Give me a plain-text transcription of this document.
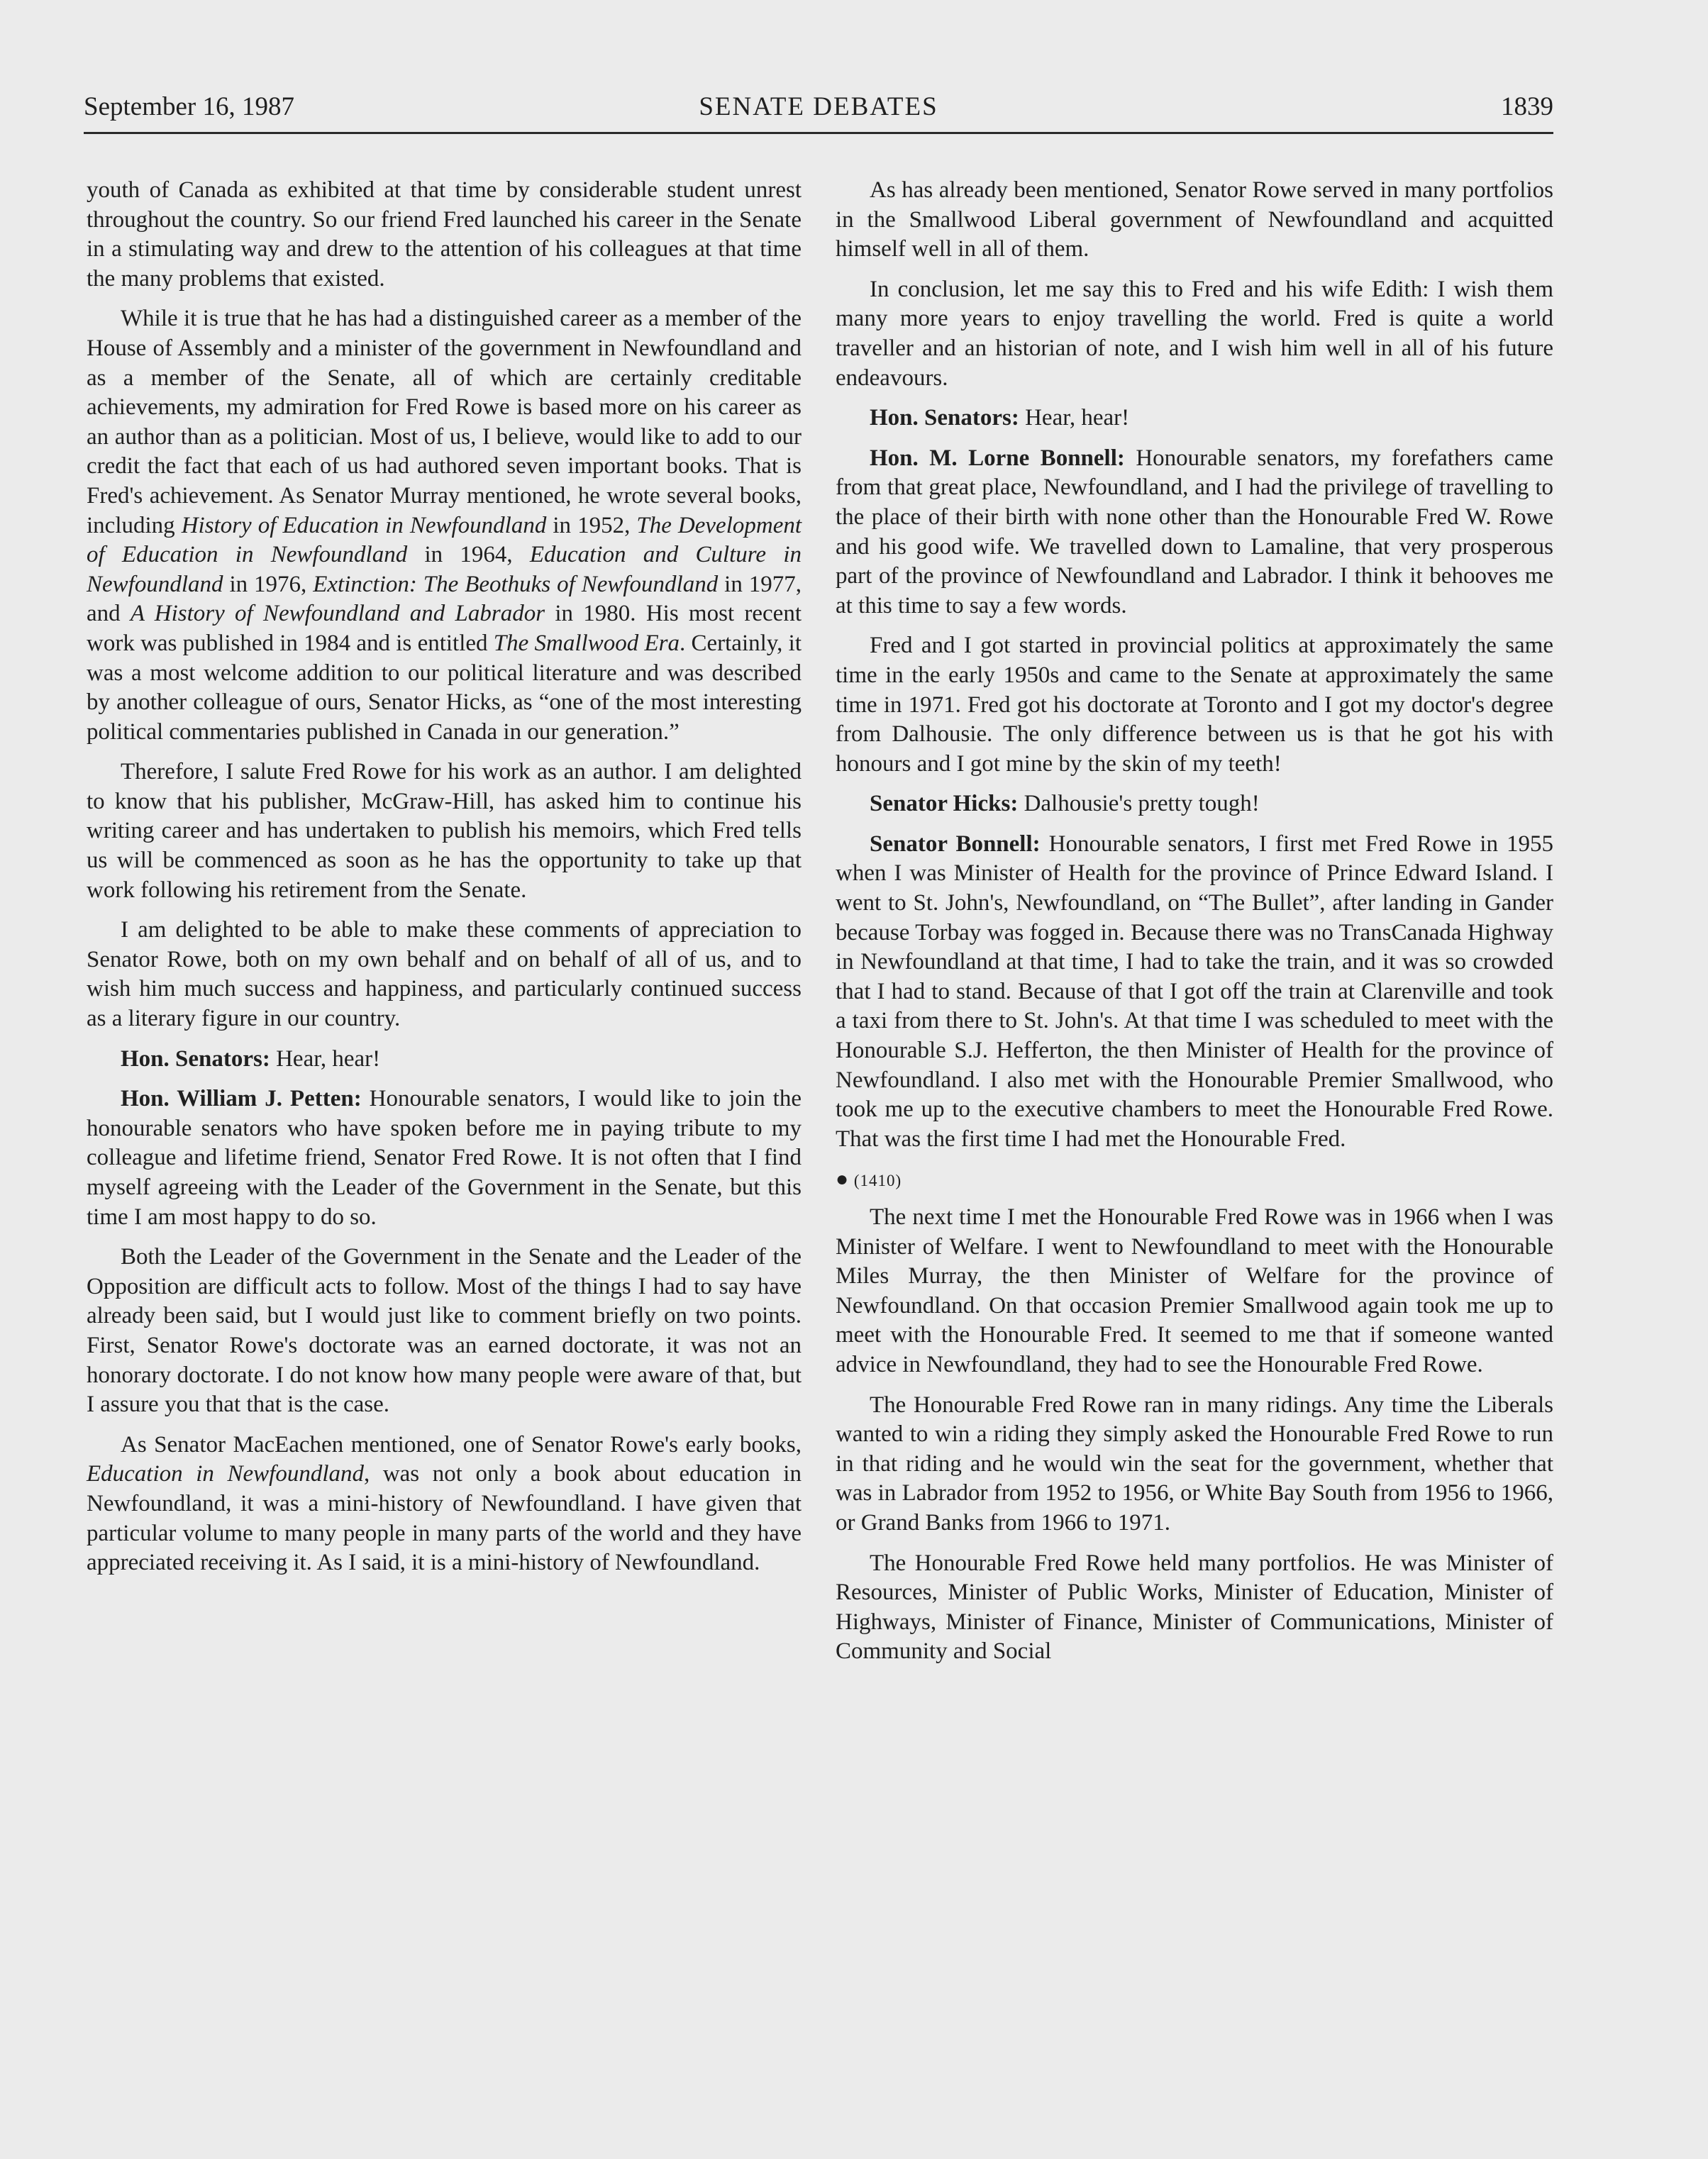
September 16, 1987	SENATE DEBATES	1839

youth of Canada as exhibited at that time by considerable student unrest throughout the country. So our friend Fred launched his career in the Senate in a stimulating way and drew to the attention of his colleagues at that time the many problems that existed.

While it is true that he has had a distinguished career as a member of the House of Assembly and a minister of the government in Newfoundland and as a member of the Senate, all of which are certainly creditable achievements, my admiration for Fred Rowe is based more on his career as an author than as a politician. Most of us, I believe, would like to add to our credit the fact that each of us had authored seven important books. That is Fred's achievement. As Senator Murray mentioned, he wrote several books, including History of Education in Newfoundland in 1952, The Development of Education in Newfoundland in 1964, Education and Culture in Newfoundland in 1976, Extinction: The Beothuks of Newfoundland in 1977, and A History of Newfoundland and Labrador in 1980. His most recent work was published in 1984 and is entitled The Smallwood Era. Certainly, it was a most welcome addition to our political literature and was described by another colleague of ours, Senator Hicks, as “one of the most interesting political commentaries published in Canada in our generation.”

Therefore, I salute Fred Rowe for his work as an author. I am delighted to know that his publisher, McGraw-Hill, has asked him to continue his writing career and has undertaken to publish his memoirs, which Fred tells us will be commenced as soon as he has the opportunity to take up that work following his retirement from the Senate.

I am delighted to be able to make these comments of appreciation to Senator Rowe, both on my own behalf and on behalf of all of us, and to wish him much success and happiness, and particularly continued success as a literary figure in our country.

Hon. Senators: Hear, hear!

Hon. William J. Petten: Honourable senators, I would like to join the honourable senators who have spoken before me in paying tribute to my colleague and lifetime friend, Senator Fred Rowe. It is not often that I find myself agreeing with the Leader of the Government in the Senate, but this time I am most happy to do so.

Both the Leader of the Government in the Senate and the Leader of the Opposition are difficult acts to follow. Most of the things I had to say have already been said, but I would just like to comment briefly on two points. First, Senator Rowe's doctorate was an earned doctorate, it was not an honorary doctorate. I do not know how many people were aware of that, but I assure you that that is the case.

As Senator MacEachen mentioned, one of Senator Rowe's early books, Education in Newfoundland, was not only a book about education in Newfoundland, it was a mini-history of Newfoundland. I have given that particular volume to many people in many parts of the world and they have appreciated receiving it. As I said, it is a mini-history of Newfoundland.

As has already been mentioned, Senator Rowe served in many portfolios in the Smallwood Liberal government of Newfoundland and acquitted himself well in all of them.

In conclusion, let me say this to Fred and his wife Edith: I wish them many more years to enjoy travelling the world. Fred is quite a world traveller and an historian of note, and I wish him well in all of his future endeavours.

Hon. Senators: Hear, hear!

Hon. M. Lorne Bonnell: Honourable senators, my forefathers came from that great place, Newfoundland, and I had the privilege of travelling to the place of their birth with none other than the Honourable Fred W. Rowe and his good wife. We travelled down to Lamaline, that very prosperous part of the province of Newfoundland and Labrador. I think it behooves me at this time to say a few words.

Fred and I got started in provincial politics at approximately the same time in the early 1950s and came to the Senate at approximately the same time in 1971. Fred got his doctorate at Toronto and I got my doctor's degree from Dalhousie. The only difference between us is that he got his with honours and I got mine by the skin of my teeth!

Senator Hicks: Dalhousie's pretty tough!

Senator Bonnell: Honourable senators, I first met Fred Rowe in 1955 when I was Minister of Health for the province of Prince Edward Island. I went to St. John's, Newfoundland, on “The Bullet”, after landing in Gander because Torbay was fogged in. Because there was no TransCanada Highway in Newfoundland at that time, I had to take the train, and it was so crowded that I had to stand. Because of that I got off the train at Clarenville and took a taxi from there to St. John's. At that time I was scheduled to meet with the Honourable S.J. Hefferton, the then Minister of Health for the province of Newfoundland. I also met with the Honourable Premier Smallwood, who took me up to the executive chambers to meet the Honourable Fred Rowe. That was the first time I had met the Honourable Fred.

● (1410)

The next time I met the Honourable Fred Rowe was in 1966 when I was Minister of Welfare. I went to Newfoundland to meet with the Honourable Miles Murray, the then Minister of Welfare for the province of Newfoundland. On that occasion Premier Smallwood again took me up to meet with the Honourable Fred. It seemed to me that if someone wanted advice in Newfoundland, they had to see the Honourable Fred Rowe.

The Honourable Fred Rowe ran in many ridings. Any time the Liberals wanted to win a riding they simply asked the Honourable Fred Rowe to run in that riding and he would win the seat for the government, whether that was in Labrador from 1952 to 1956, or White Bay South from 1956 to 1966, or Grand Banks from 1966 to 1971.

The Honourable Fred Rowe held many portfolios. He was Minister of Resources, Minister of Public Works, Minister of Education, Minister of Highways, Minister of Finance, Minister of Communications, Minister of Community and Social
